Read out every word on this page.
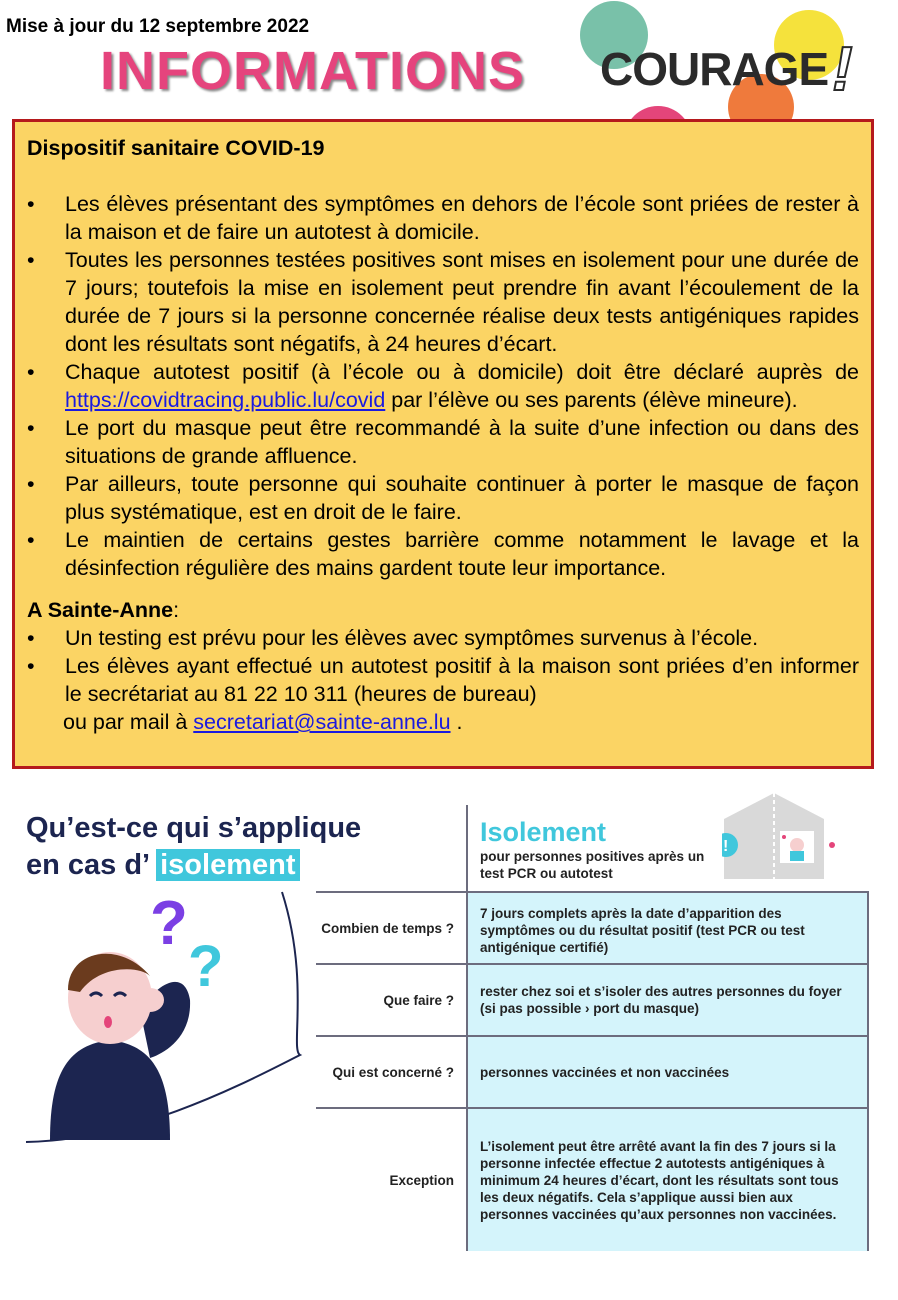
Mise à jour du 12 septembre 2022
INFORMATIONS COURAGE !
Dispositif sanitaire COVID-19
• Les élèves présentant des symptômes en dehors de l’école sont priées de rester à la maison et de faire un autotest à domicile.
• Toutes les personnes testées positives sont mises en isolement pour une durée de 7 jours; toutefois la mise en isolement peut prendre fin avant l’écoulement de la durée de 7 jours si la personne concernée réalise deux tests antigéniques rapides dont les résultats sont négatifs, à 24 heures d’écart.
• Chaque autotest positif (à l’école ou à domicile) doit être déclaré auprès de https://covidtracing.public.lu/covid par l’élève ou ses parents (élève mineure).
• Le port du masque peut être recommandé à la suite d’une infection ou dans des situations de grande affluence.
• Par ailleurs, toute personne qui souhaite continuer à porter le masque de façon plus systématique, est en droit de le faire.
• Le maintien de certains gestes barrière comme notamment le lavage et la désinfection régulière des mains gardent toute leur importance.
A Sainte-Anne:
• Un testing est prévu pour les élèves avec symptômes survenus à l’école.
• Les élèves ayant effectué un autotest positif à la maison sont priées d’en informer le secrétariat au 81 22 10 311 (heures de bureau)
ou par mail à secretariat@sainte-anne.lu .
Qu’est-ce qui s’applique
en cas d’ isolement
?
?
Isolement
pour personnes positives après un test PCR ou autotest
!
Combien de temps ?
7 jours complets après la date d’apparition des symptômes ou du résultat positif (test PCR ou test antigénique certifié)
Que faire ?
rester chez soi et s’isoler des autres personnes du foyer (si pas possible › port du masque)
Qui est concerné ?	personnes vaccinées et non vaccinées
Exception
L’isolement peut être arrêté avant la fin des 7 jours si la personne infectée effectue 2 autotests antigéniques à minimum 24 heures d’écart, dont les résultats sont tous les deux négatifs. Cela s’applique aussi bien aux personnes vaccinées qu’aux personnes non vaccinées.
